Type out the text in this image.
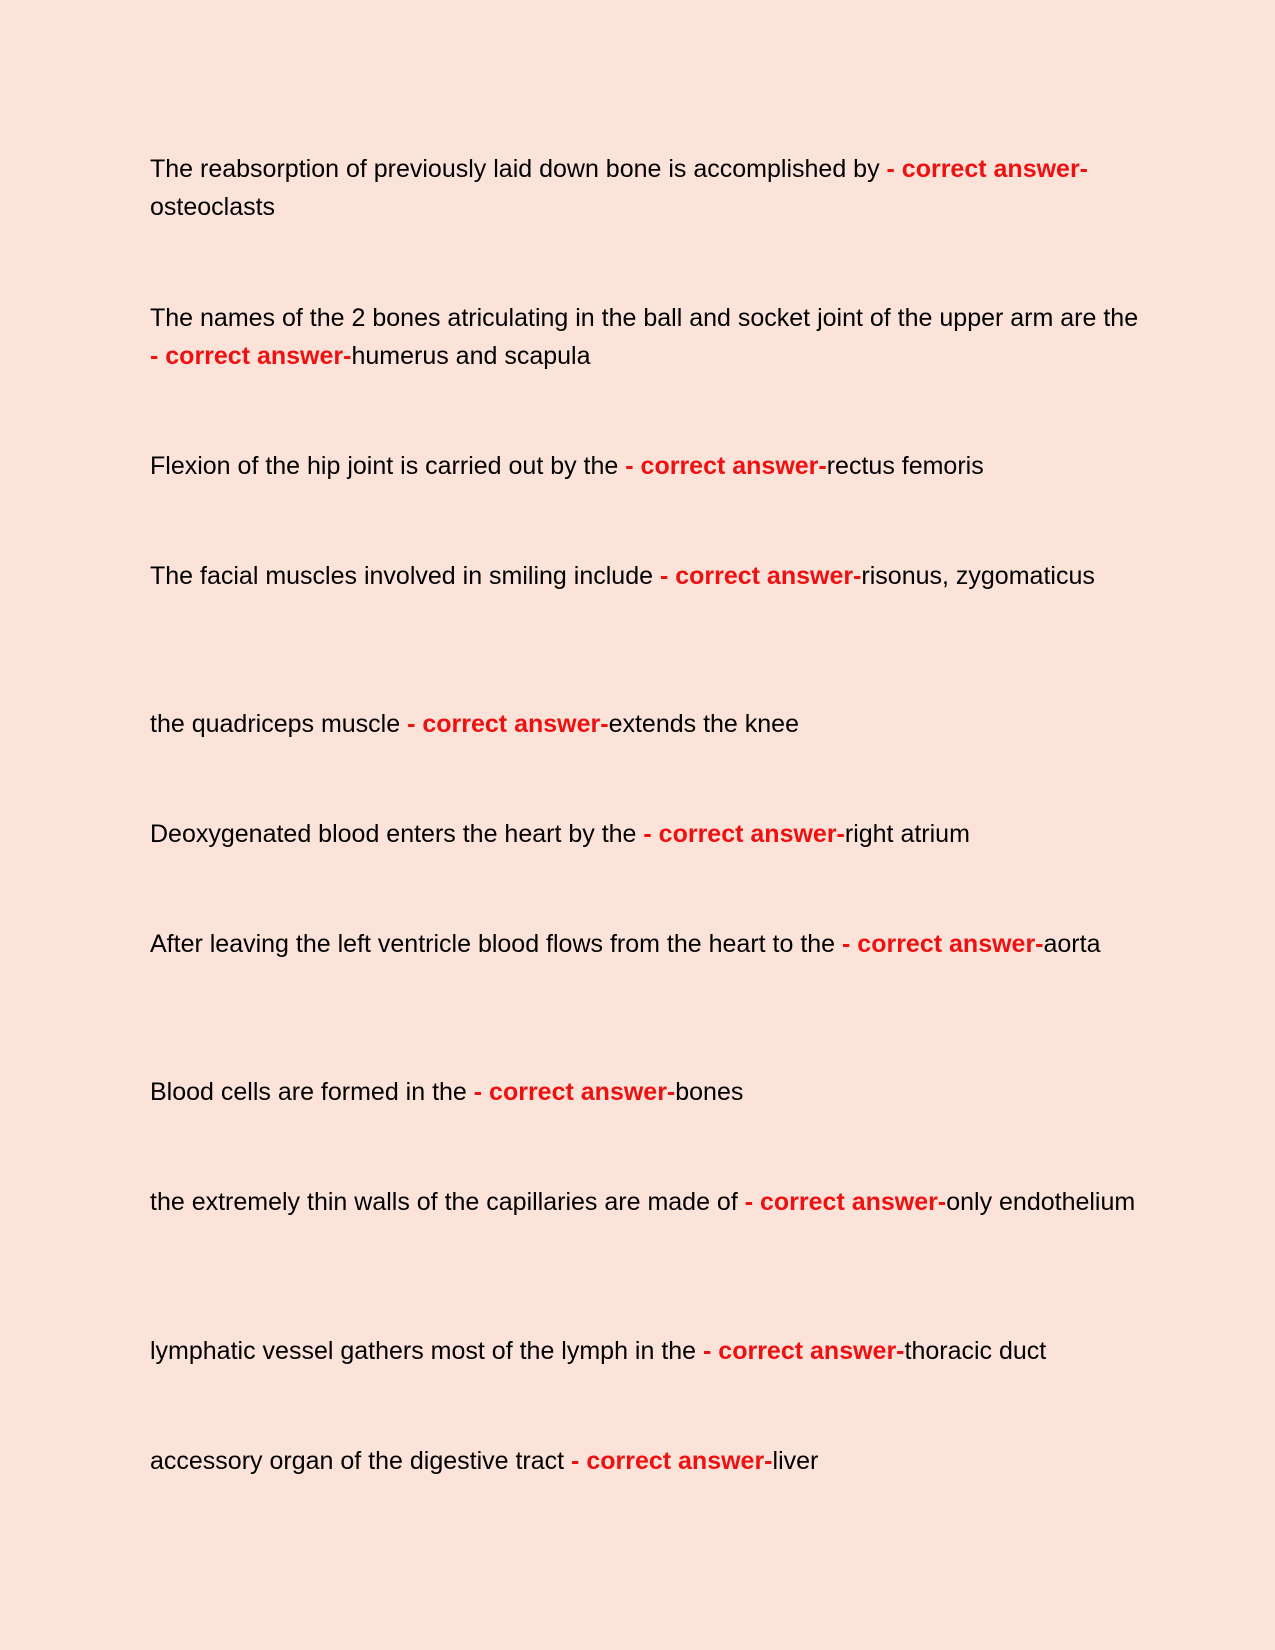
The reabsorption of previously laid down bone is accomplished by - correct answer-osteoclasts

The names of the 2 bones atriculating in the ball and socket joint of the upper arm are the - correct answer-humerus and scapula

Flexion of the hip joint is carried out by the - correct answer-rectus femoris

The facial muscles involved in smiling include - correct answer-risonus, zygomaticus

the quadriceps muscle - correct answer-extends the knee

Deoxygenated blood enters the heart by the - correct answer-right atrium

After leaving the left ventricle blood flows from the heart to the - correct answer-aorta

Blood cells are formed in the - correct answer-bones

the extremely thin walls of the capillaries are made of - correct answer-only endothelium

lymphatic vessel gathers most of the lymph in the - correct answer-thoracic duct

accessory organ of the digestive tract - correct answer-liver
